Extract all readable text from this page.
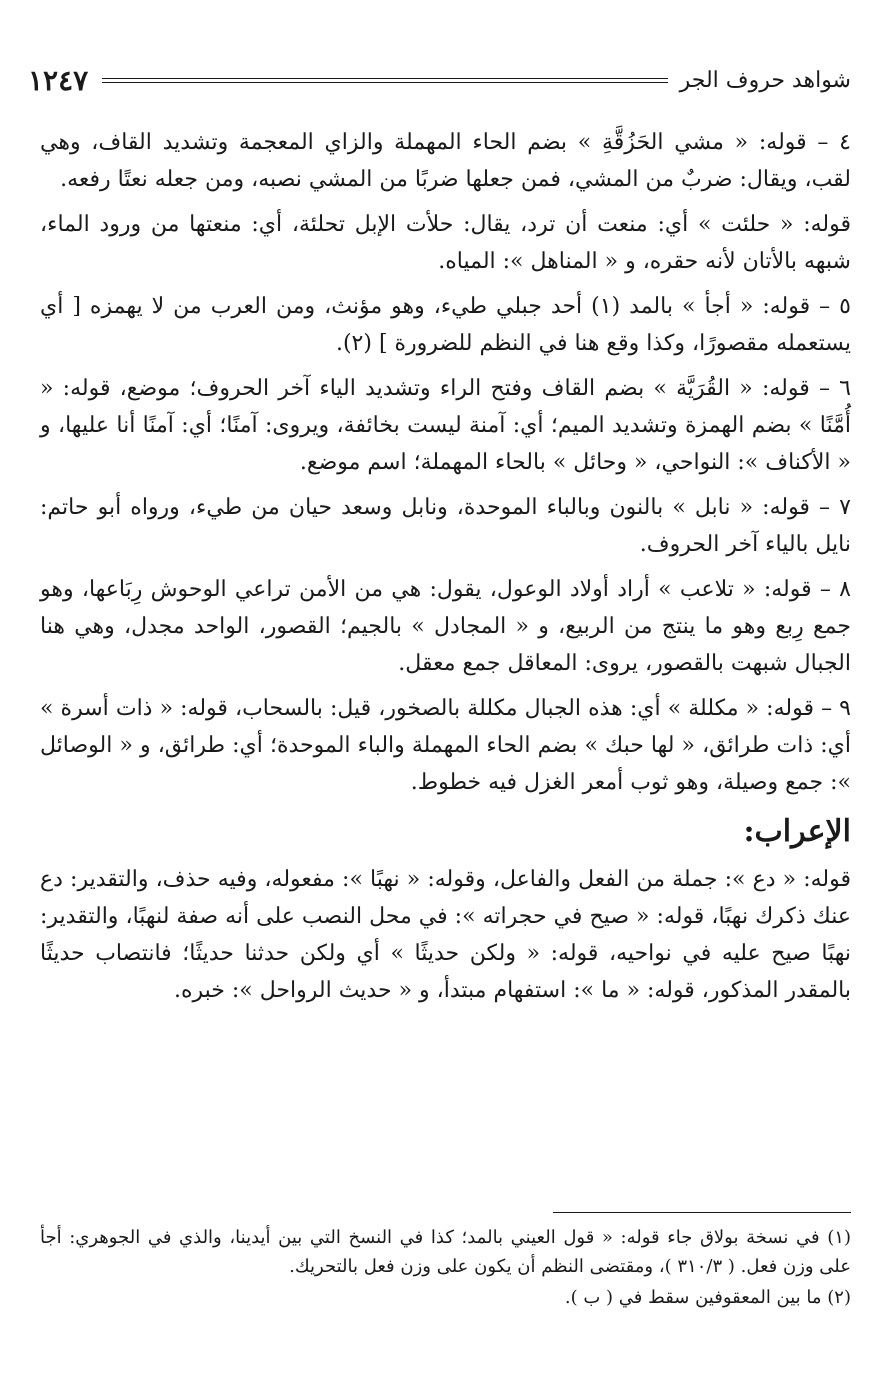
شواهد حروف الجر
١٢٤٧

٤ – قوله: « مشي الحَزُقَّةِ » بضم الحاء المهملة والزاي المعجمة وتشديد القاف، وهي لقب، ويقال: ضربٌ من المشي، فمن جعلها ضربًا من المشي نصبه، ومن جعله نعتًا رفعه.

قوله: « حلئت » أي: منعت أن ترد، يقال: حلأت الإبل تحلئة، أي: منعتها من ورود الماء، شبهه بالأتان لأنه حقره، و « المناهل »: المياه.

٥ – قوله: « أجأ » بالمد (١) أحد جبلي طيء، وهو مؤنث، ومن العرب من لا يهمزه [ أي يستعمله مقصورًا، وكذا وقع هنا في النظم للضرورة ] (٢).

٦ – قوله: « القُرَيَّة » بضم القاف وفتح الراء وتشديد الياء آخر الحروف؛ موضع، قوله: « أُمَّنًا » بضم الهمزة وتشديد الميم؛ أي: آمنة ليست بخائفة، ويروى: آمنًا؛ أي: آمنًا أنا عليها، و « الأكناف »: النواحي، « وحائل » بالحاء المهملة؛ اسم موضع.

٧ – قوله: « نابل » بالنون وبالباء الموحدة، ونابل وسعد حيان من طيء، ورواه أبو حاتم: نايل بالياء آخر الحروف.

٨ – قوله: « تلاعب » أراد أولاد الوعول، يقول: هي من الأمن تراعي الوحوش رِبَاعها، وهو جمع رِبع وهو ما ينتج من الربيع، و « المجادل » بالجيم؛ القصور، الواحد مجدل، وهي هنا الجبال شبهت بالقصور، يروى: المعاقل جمع معقل.

٩ – قوله: « مكللة » أي: هذه الجبال مكللة بالصخور، قيل: بالسحاب، قوله: « ذات أسرة » أي: ذات طرائق، « لها حبك » بضم الحاء المهملة والباء الموحدة؛ أي: طرائق، و « الوصائل »: جمع وصيلة، وهو ثوب أمعر الغزل فيه خطوط.

الإعراب:

قوله: « دع »: جملة من الفعل والفاعل، وقوله: « نهبًا »: مفعوله، وفيه حذف، والتقدير: دع عنك ذكرك نهبًا، قوله: « صيح في حجراته »: في محل النصب على أنه صفة لنهبًا، والتقدير: نهبًا صيح عليه في نواحيه، قوله: « ولكن حديثًا » أي ولكن حدثنا حديثًا؛ فانتصاب حديثًا بالمقدر المذكور، قوله: « ما »: استفهام مبتدأ، و « حديث الرواحل »: خبره.

(١) في نسخة بولاق جاء قوله: « قول العيني بالمد؛ كذا في النسخ التي بين أيدينا، والذي في الجوهري: أجأ على وزن فعل. ( ٣١٠/٣ )، ومقتضى النظم أن يكون على وزن فعل بالتحريك.

(٢) ما بين المعقوفين سقط في ( ب ).
